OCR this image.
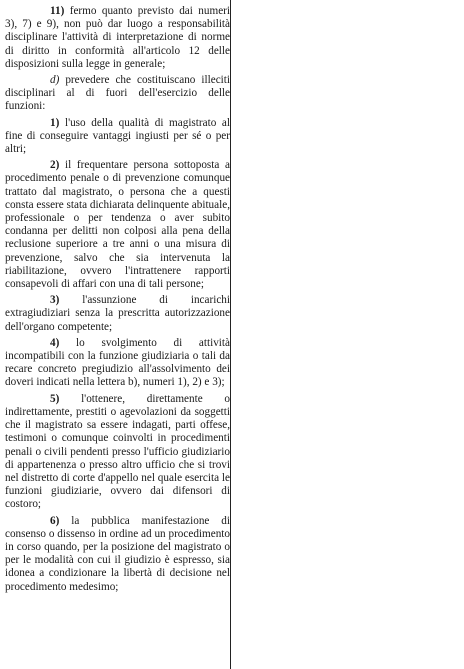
11) fermo quanto previsto dai numeri 3), 7) e 9), non può dar luogo a responsabilità disciplinare l'attività di interpretazione di norme di diritto in conformità all'articolo 12 delle disposizioni sulla legge in generale;

d) prevedere che costituiscano illeciti disciplinari al di fuori dell'esercizio delle funzioni:

1) l'uso della qualità di magistrato al fine di conseguire vantaggi ingiusti per sé o per altri;

2) il frequentare persona sottoposta a procedimento penale o di prevenzione comunque trattato dal magistrato, o persona che a questi consta essere stata dichiarata delinquente abituale, professionale o per tendenza o aver subito condanna per delitti non colposi alla pena della reclusione superiore a tre anni o una misura di prevenzione, salvo che sia intervenuta la riabilitazione, ovvero l'intrattenere rapporti consapevoli di affari con una di tali persone;

3) l'assunzione di incarichi extragiudiziari senza la prescritta autorizzazione dell'organo competente;

4) lo svolgimento di attività incompatibili con la funzione giudiziaria o tali da recare concreto pregiudizio all'assolvimento dei doveri indicati nella lettera b), numeri 1), 2) e 3);

5) l'ottenere, direttamente o indirettamente, prestiti o agevolazioni da soggetti che il magistrato sa essere indagati, parti offese, testimoni o comunque coinvolti in procedimenti penali o civili pendenti presso l'ufficio giudiziario di appartenenza o presso altro ufficio che si trovi nel distretto di corte d'appello nel quale esercita le funzioni giudiziarie, ovvero dai difensori di costoro;

6) la pubblica manifestazione di consenso o dissenso in ordine ad un procedimento in corso quando, per la posizione del magistrato o per le modalità con cui il giudizio è espresso, sia idonea a condizionare la libertà di decisione nel procedimento medesimo;
